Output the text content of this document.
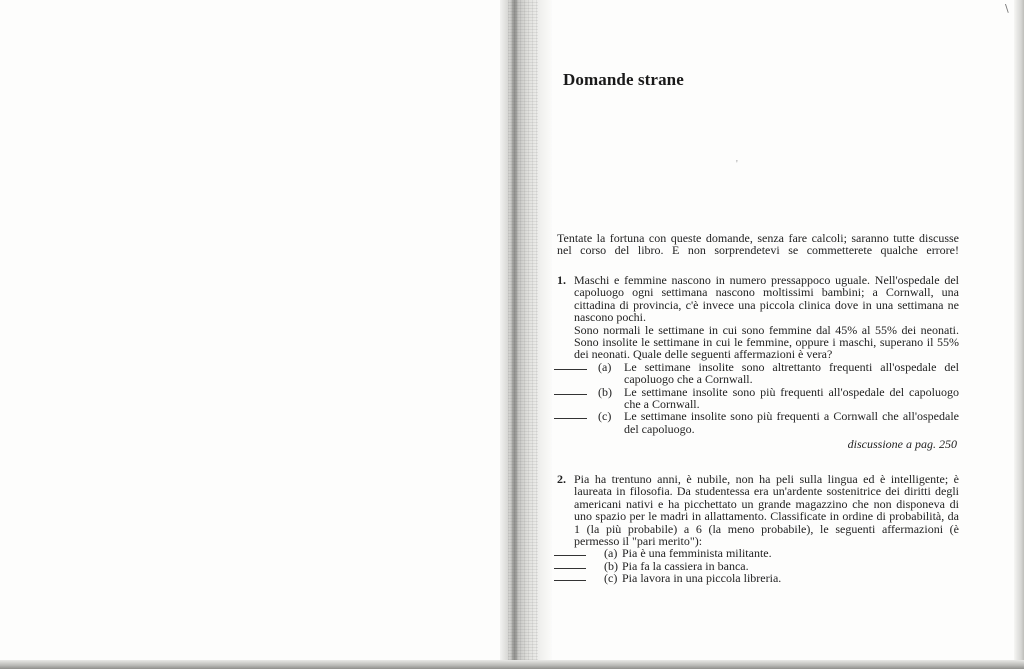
\
Domande strane
'

Tentate la fortuna con queste domande, senza fare calcoli; saranno tutte discusse nel corso del libro. E non sorprendetevi se commetterete qualche errore!

1. Maschi e femmine nascono in numero pressappoco uguale. Nell'ospedale del capoluogo ogni settimana nascono moltissimi bambini; a Cornwall, una cittadina di provincia, c'è invece una piccola clinica dove in una settimana ne nascono pochi.

Sono normali le settimane in cui sono femmine dal 45% al 55% dei neonati. Sono insolite le settimane in cui le femmine, oppure i maschi, superano il 55% dei neonati. Quale delle seguenti affermazioni è vera?

(a) Le settimane insolite sono altrettanto frequenti all'ospedale del capoluogo che a Cornwall.
(b) Le settimane insolite sono più frequenti all'ospedale del capoluogo che a Cornwall.
(c) Le settimane insolite sono più frequenti a Cornwall che all'ospedale del capoluogo.
discussione a pag. 250
2. Pia ha trentuno anni, è nubile, non ha peli sulla lingua ed è intelligente; è laureata in filosofia. Da studentessa era un'ardente sostenitrice dei diritti degli americani nativi e ha picchettato un grande magazzino che non disponeva di uno spazio per le madri in allattamento. Classificate in ordine di probabilità, da 1 (la più probabile) a 6 (la meno probabile), le seguenti affermazioni (è permesso il "pari merito"):

(a) Pia è una femminista militante.
(b) Pia fa la cassiera in banca.
(c) Pia lavora in una piccola libreria.
